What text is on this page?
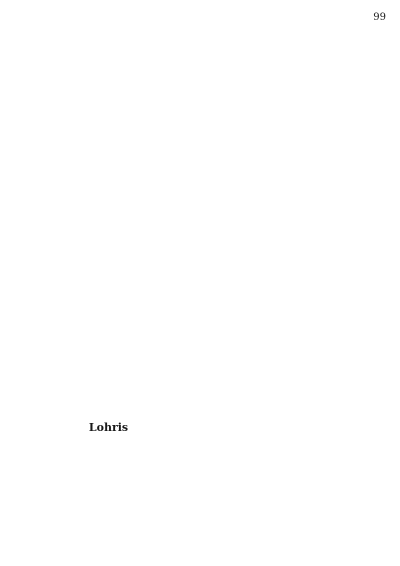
99
Lohris
